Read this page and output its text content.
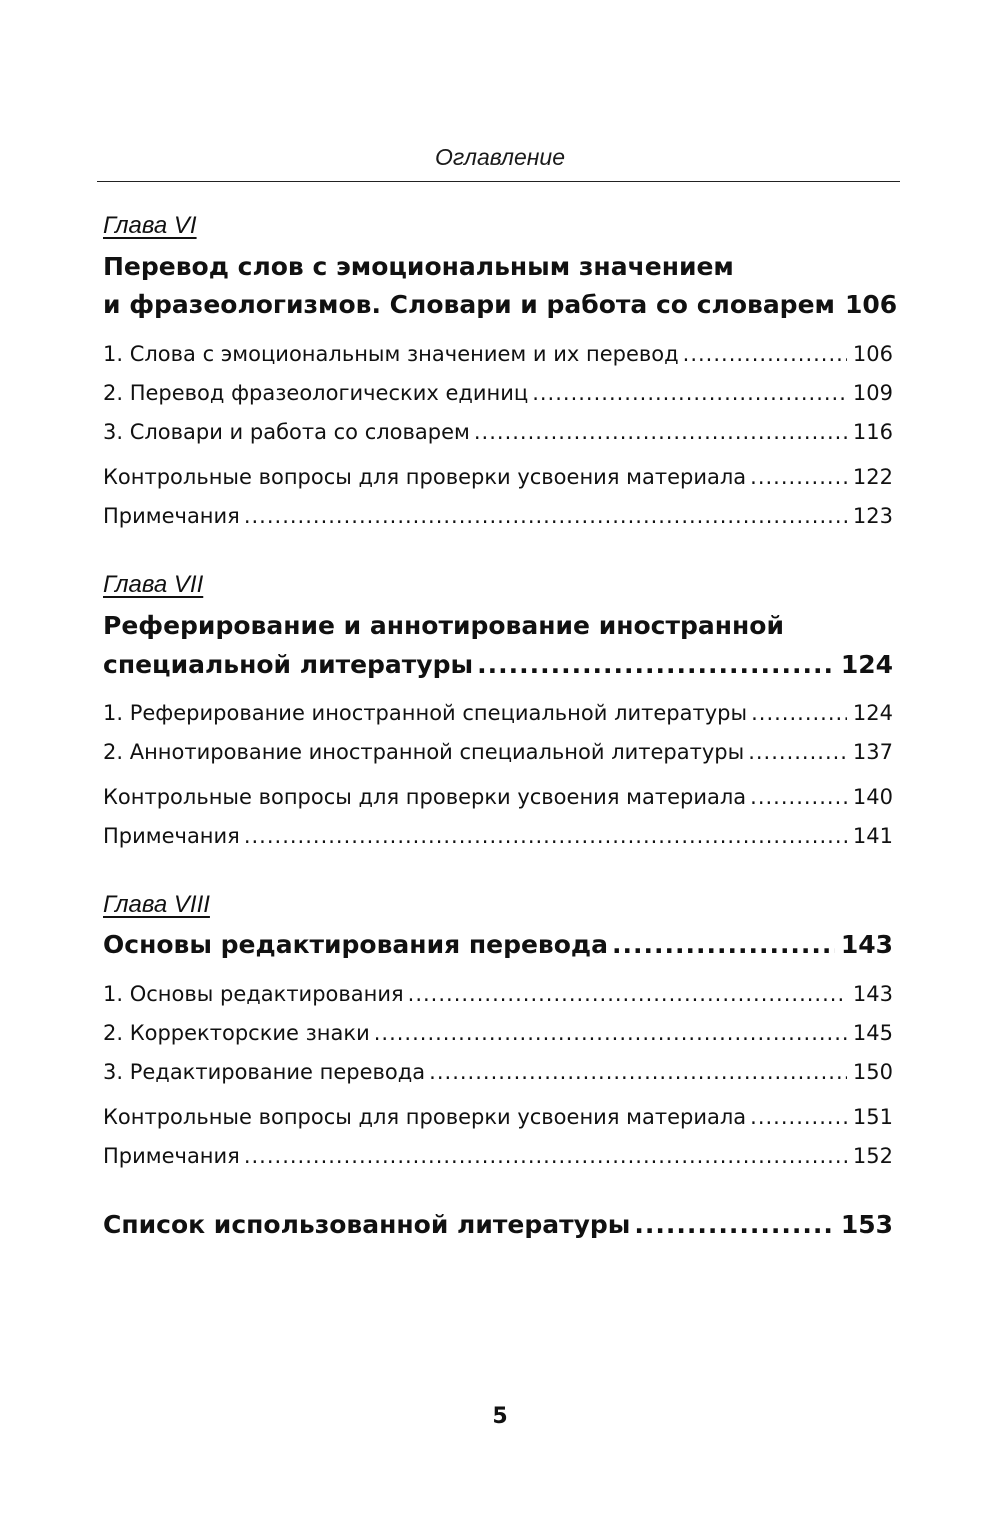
Оглавление
Глава VI
Перевод слов с эмоциональным значением
и фразеологизмов. Словари и работа со словарем 106
1. Слова с эмоциональным значением и их перевод .....	106
2. Перевод фразеологических единиц .....	109
3. Словари и работа со словарем .....	116
Контрольные вопросы для проверки усвоения материала .....	122
Примечания .....	123
Глава VII
Реферирование и аннотирование иностранной
специальной литературы .....	124
1. Реферирование иностранной специальной литературы .....	124
2. Аннотирование иностранной специальной литературы .....	137
Контрольные вопросы для проверки усвоения материала .....	140
Примечания .....	141
Глава VIII
Основы редактирования перевода .....	143
1. Основы редактирования .....	143
2. Корректорские знаки .....	145
3. Редактирование перевода .....	150
Контрольные вопросы для проверки усвоения материала .....	151
Примечания .....	152
Список использованной литературы .....	153
5
